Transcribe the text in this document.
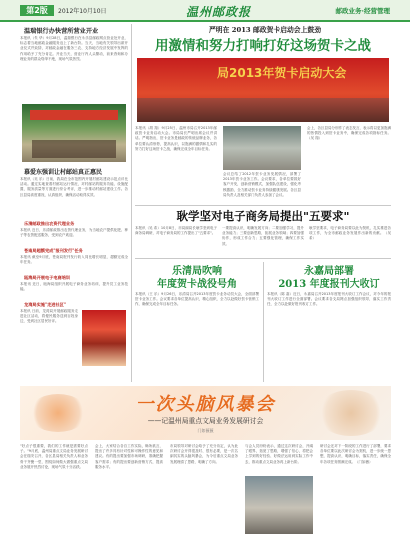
第2版	2012年10月10日	温州邮政报	邮政业务·经营管理
温瑞银行办快营所营业开业
本报讯（朱 华）9月28日，温瑞银行在永乐县邮政网点营业处开业，标志着当地邮政金融服务迈上了新台阶。当天，当地有关领导出席开业仪式并致辞，对邮政金融在服务三农、支持地方经济发展中发挥的作用给予了充分肯定。开业当天，营业厅内人头攒动，前来咨询和办理业务的群众络绎不绝，现场气氛热烈。
慕爱东强训让村邮站真正惠民
本报讯（吴 乐）日前，我局在全市范围内开展村邮站建设示范点评比活动。通过实地查看村邮站运行情况，对村邮站的服务功能、设施配置、服务质量等方面进行综合考评，进一步推动村邮站建设工作。各区县局高度重视，认真组织，确保活动取得实效。
乐清邮政推出农资代理业务
本报讯 近日，乐清邮政推出农资代理业务，为当地农户提供化肥、种子等农资配送服务，受到农户欢迎。
苍南局超额完成"报刊发行"任务
本报讯 截至9月底，苍南局报刊发行收入同比增长明显，超额完成全年任务。
瓯海局开展电子电商培训
本报讯 近日，瓯海局组织开展电子商务业务培训，提升员工业务技能。
龙湾局实施"走进社区"
本报讯 日前，龙湾局开展邮政服务走进社区活动，将便民服务送到百姓身边，受到社区居民好评。
严明在 2013 邮政贺卡启动会上鼓劲
用激情和努力打响打好这场贺卡之战
局2013年贺卡启动大会
本报讯（胡 翔）9月25日，温州市局召开2013年邮政贺卡业务启动大会。市局局长严明出席会议并讲话。严明指出，贺卡业务是邮政的传统品牌业务，各单位要认清形势，提高认识，以饱满的激情和扎实的努力打好这场贺卡之战，确保完成全年目标任务。
会议总结了2012年贺卡业务发展情况，部署了2013年贺卡业务工作。会议要求，各单位要抓好客户开发，创新营销模式，加强队伍建设，强化考核激励，全力推动贺卡业务持续健康发展。各区县局负责人及相关部门负责人参加了会议。
会上，各区县局分别作了表态发言，表示将以更加饱满的热情投入到贺卡业务中，确保完成各项指标任务。（吴 翔）
耿学坚对电子商务局提出"五要求"
本报讯（吴 希）10月8日，市局副局长耿学坚到电子商务局调研，对电子商务局的工作提出了"五要求"。
一要提高认识，明确发展方向；二要加强学习，提升业务能力；三要创新思路，拓展业务领域；四要加强协作，形成工作合力；五要强化管理，确保工作实效。
耿学坚要求，电子商务局要以此为契机，扎实推进各项工作，为全市邮政业务发展作出新的贡献。（吴 希）
乐清局吹响
年度贺卡战役号角
本报讯（王 乐）9月26日，乐清局召开2013年度贺卡业务动员大会，全面部署贺卡业务工作。会议要求各单位提高认识，精心组织，全力以赴做好贺卡营销工作，确保完成全年目标任务。
永嘉局部署
2013 年度报刊大收订
本报讯（陈 嘉）近日，永嘉局召开2013年度报刊大收订工作会议，对今年的报刊大收订工作进行全面部署。会议要求各支局网点加强组织领导，落实工作责任，全力以赴做好报刊收订工作。
一次头脑风暴会
——记温州局重点文局业务发展研讨会
门如薇薇
"好点子很重要，我们的工作就是需要好点子。"9月底，温州局重点文局业务发展研讨会在瑞安召开，各区县局相关负责人和业务骨干齐聚一堂，围绕如何做大做强重点文局业务展开热烈讨论，现场气氛十分活跃。
会上，大家结合各自工作实际，畅所欲言，提出了许多具有针对性和可操作性的意见和建议。有的提出要加强市场调研，准确把握客户需求；有的提出要创新营销方式，提高服务水平。
市局领导对研讨会给予了充分肯定，认为此次研讨会开得很及时、很有必要，是一次名副其实的头脑风暴会，为今后重点文局业务发展理清了思路，明确了方向。
与会人员纷纷表示，通过这次研讨会，开阔了眼界，拓宽了思路，增强了信心，将把会上学到的好经验、好做法运用到实际工作中去，推动重点文局业务再上新台阶。
研讨会还对下一阶段的工作进行了部署，要求各单位要以此次研讨会为契机，进一步统一思想，提高认识，明确目标，落实责任，确保全年各项任务圆满完成。（门如薇）
